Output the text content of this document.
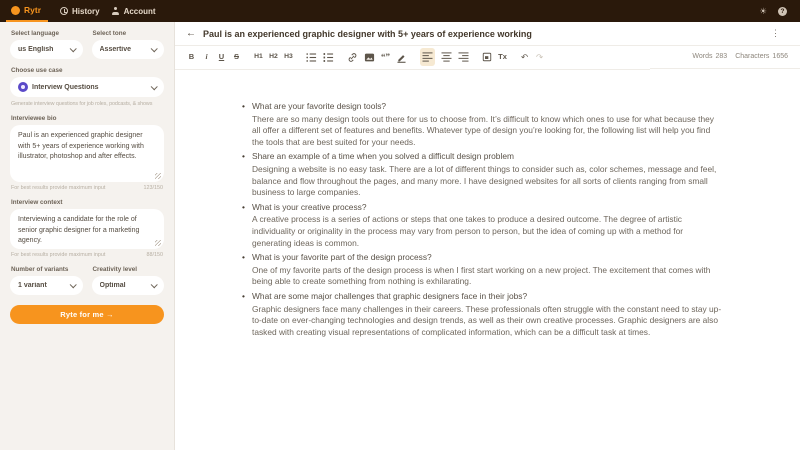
Rytr	History	Account	☀	?
Select language	Select tone
us English	Assertive
Choose use case
Interview Questions
Generate interview questions for job roles, podcasts, & shows
Interviewee bio
Paul is an experienced graphic designer with 5+ years of experience working with illustrator, photoshop and after effects.
For best results provide maximum input	123/150
Interview context
Interviewing a candidate for the role of senior graphic designer for a marketing agency.
For best results provide maximum input	88/150
Number of variants	Creativity level
1 variant	Optimal
Ryte for me →
← Paul is an experienced graphic designer with 5+ years of experience working	⋮
B	i	U S H1 H2 H3	“”	Tx ↶ ↷	Words 283 Characters 1656
• What are your favorite design tools?
There are so many design tools out there for us to choose from. It’s difficult to know which ones to use for what because they all offer a different set of features and benefits. Whatever type of design you’re looking for, the following list will help you find the tools that are best suited for your needs.
• Share an example of a time when you solved a difficult design problem
Designing a website is no easy task. There are a lot of different things to consider such as, color schemes, message and feel, balance and flow throughout the pages, and many more. I have designed websites for all sorts of clients ranging from small business to large companies.
• What is your creative process?
A creative process is a series of actions or steps that one takes to produce a desired outcome. The degree of artistic individuality or originality in the process may vary from person to person, but the idea of coming up with a method for generating ideas is common.
• What is your favorite part of the design process?
One of my favorite parts of the design process is when I first start working on a new project. The excitement that comes with being able to create something from nothing is exhilarating.
• What are some major challenges that graphic designers face in their jobs?
Graphic designers face many challenges in their careers. These professionals often struggle with the constant need to stay up-to-date on ever-changing technologies and design trends, as well as their own creative processes. Graphic designers are also tasked with creating visual representations of complicated information, which can be a difficult task at times.
